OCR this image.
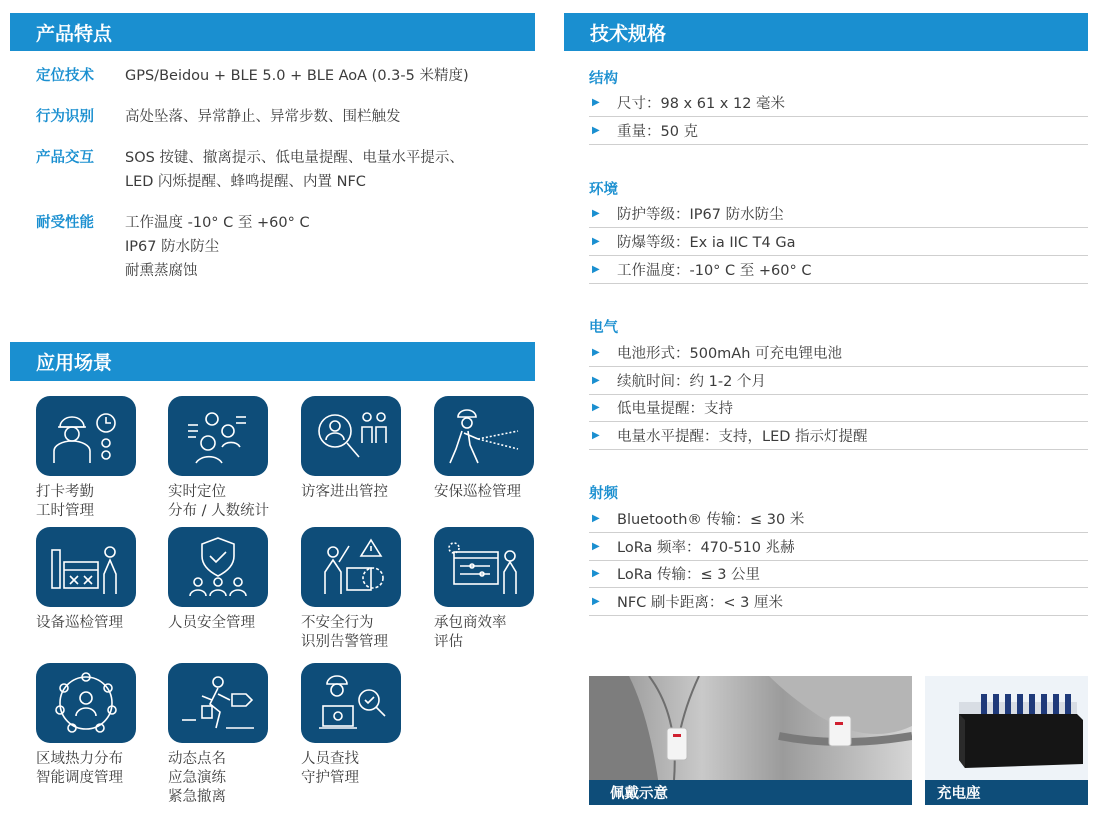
产品特点
定位技术	GPS/Beidou + BLE 5.0 + BLE AoA (0.3-5 米精度)
行为识别	高处坠落、异常静止、异常步数、围栏触发
产品交互	SOS 按键、撤离提示、低电量提醒、电量水平提示、
LED 闪烁提醒、蜂鸣提醒、内置 NFC
耐受性能	工作温度 -10° C 至 +60° C
IP67 防水防尘
耐熏蒸腐蚀
应用场景
打卡考勤
工时管理
实时定位
分布 / 人数统计
访客进出管控	安保巡检管理
设备巡检管理	人员安全管理	不安全行为
识别告警管理
承包商效率
评估
区域热力分布
智能调度管理
动态点名
应急演练
紧急撤离
人员查找
守护管理
技术规格
结构
▶	尺寸：98 x 61 x 12 毫米
▶	重量：50 克
环境
▶	防护等级：IP67 防水防尘
▶	防爆等级：Ex ia IIC T4 Ga
▶	工作温度：-10° C 至 +60° C
电气
▶	电池形式：500mAh 可充电锂电池
▶	续航时间：约 1-2 个月
▶	低电量提醒：支持
▶	电量水平提醒：支持，LED 指示灯提醒
射频
▶	Bluetooth® 传输：≤ 30 米
▶	LoRa 频率：470-510 兆赫
▶	LoRa 传输：≤ 3 公里
▶	NFC 刷卡距离：< 3 厘米
佩戴示意	充电座
